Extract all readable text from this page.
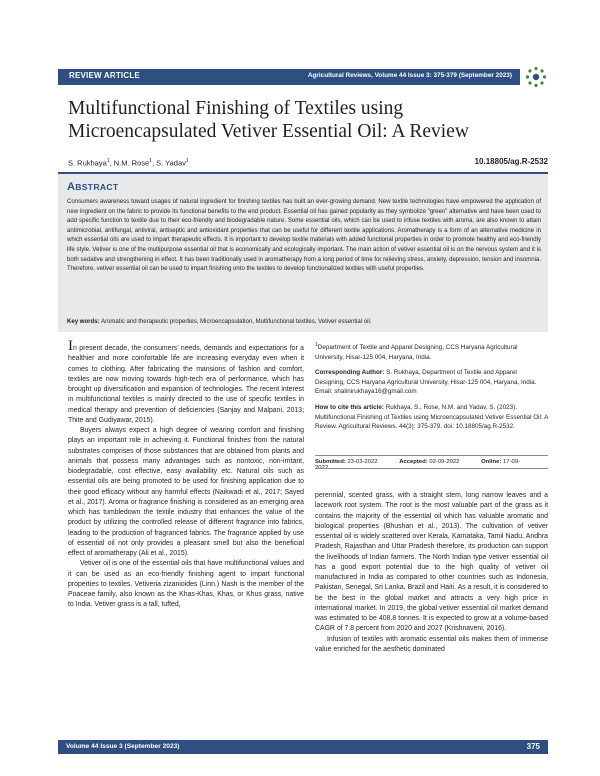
REVIEW ARTICLE	Agricultural Reviews, Volume 44 Issue 3: 375-379 (September 2023)
Multifunctional Finishing of Textiles using Microencapsulated Vetiver Essential Oil: A Review
S. Rukhaya$^1$, N.M. Rose$^1$, S. Yadav$^1$	10.18805/ag.R-2532
ABSTRACT
Consumers awareness toward usages of natural ingredient for finishing textiles has built an ever-growing demand. New textile technologies have empowered the application of new ingredient on the fabric to provide its functional benefits to the end product. Essential oil has gained popularity as they symbolize “green” alternative and have been used to add specific function to textile due to their eco-friendly and biodegradable nature. Some essential oils, which can be used to infuse textiles with aroma, are also known to attain antimicrobial, antifungal, antiviral, antiseptic and antioxidant properties that can be useful for different textile applications. Aromatherapy is a form of an alternative medicine in which essential oils are used to impart therapeutic effects. It is important to develop textile materials with added functional properties in order to promote healthy and eco-friendly life style. Vetiver is one of the multipurpose essential oil that is economically and ecologically important. The main action of vetiver essential oil is on the nervous system and it is both sedative and strengthening in effect. It has been traditionally used in aromatherapy from a long period of time for relieving stress, anxiety, depression, tension and insomnia. Therefore, vetiver essential oil can be used to impart finishing onto the textiles to develop functionalized textiles with useful properties.
Key words: Aromatic and therapeutic properties, Microencapsulation, Multifunctional textiles, Vetiver essential oil.

In present decade, the consumers’ needs, demands and expectations for a healthier and more comfortable life are increasing everyday even when it comes to clothing. After fabricating the mansions of fashion and comfort, textiles are now moving towards high-tech era of performance, which has brought up diversification and expansion of technologies. The recent interest in multifunctional textiles is mainly directed to the use of specific textiles in medical therapy and prevention of deficiencies (Sanjay and Malpani, 2013; Thite and Gudiyawar, 2015).

Buyers always expect a high degree of wearing comfort and finishing plays an important role in achieving it. Functional finishes from the natural substrates comprises of those substances that are obtained from plants and animals that possess many advantages such as nontoxic, non-irritant, biodegradable, cost effective, easy availability etc. Natural oils such as essential oils are being promoted to be used for finishing application due to their good efficacy without any harmful effects (Naikwadi et al., 2017; Sayed et al., 2017). Aroma or fragrance finishing is considered as an emerging area which has tumbledown the textile industry that enhances the value of the product by utilizing the controlled release of different fragrance into fabrics, leading to the production of fragranced fabrics. The fragrance applied by use of essential oil not only provides a pleasant smell but also the beneficial effect of aromatherapy (Ali et al., 2015).

Vetiver oil is one of the essential oils that have multifunctional values and it can be used as an eco-friendly finishing agent to impart functional properties to textiles. Vetiveria zizanioides (Linn.) Nash is the member of the Poaceae family, also known as the Khas-Khas, Khas, or Khus grass, native to India. Vetiver grass is a tall, tufted,

$^1$Department of Textile and Apparel Designing, CCS Haryana Agricultural University, Hisar-125 004, Haryana, India.

Corresponding Author: S. Rukhaya, Department of Textile and Apparel Designing, CCS Haryana Agricultural University, Hisar-125 004, Haryana, India. Email: shalinirukhaya16@gmail.com

How to cite this article: Rukhaya, S., Rose, N.M. and Yadav, S. (2023). Multifunctional Finishing of Textiles using Microencapsulated Vetiver Essential Oil: A Review. Agricultural Reviews. 44(3): 375-379. doi: 10.18805/ag.R-2532.

Submitted: 23-03-2022	Accepted: 02-09-2022	Online: 17-09-

perennial, scented grass, with a straight stem, long narrow leaves and a lacework root system. The root is the most valuable part of the grass as it contains the majority of the essential oil which has valuable aromatic and biological properties (Bhushan et al., 2013). The cultivation of vetiver essential oil is widely scattered over Kerala, Karnataka, Tamil Nadu, Andhra Pradesh, Rajasthan and Uttar Pradesh therefore, its production can support the livelihoods of Indian farmers. The North Indian type vetiver essential oil has a good export potential due to the high quality of vetiver oil manufactured in India as compared to other countries such as Indonesia, Pakistan, Senegal, Sri Lanka, Brazil and Haiti. As a result, it is considered to be the best in the global market and attracts a very high price in international market. In 2019, the global vetiver essential oil market demand was estimated to be 408.8 tonnes. It is expected to grow at a volume-based CAGR of 7.8 percent from 2020 and 2027 (Krishnaveni, 2016).

Infusion of textiles with aromatic essential oils makes them of immense value enriched for the aesthetic dominated

Volume 44 Issue 3 (September 2023)	375
